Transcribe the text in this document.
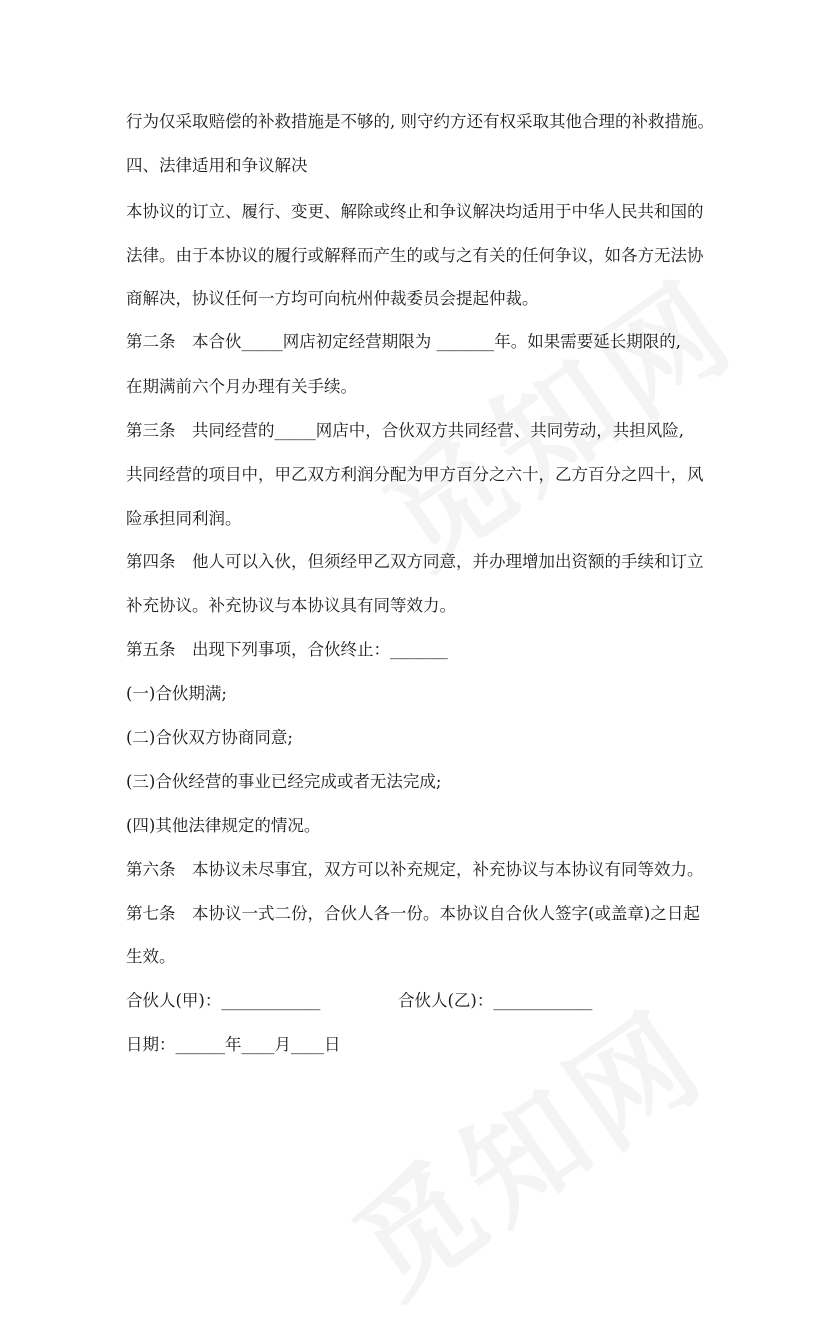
行为仅采取赔偿的补救措施是不够的, 则守约方还有权采取其他合理的补救措施。
四、法律适用和争议解决
本协议的订立、履行、变更、解除或终止和争议解决均适用于中华人民共和国的
法律。由于本协议的履行或解释而产生的或与之有关的任何争议，如各方无法协
商解决，协议任何一方均可向杭州仲裁委员会提起仲裁。
第二条　本合伙_____网店初定经营期限为 _______年。如果需要延长期限的,
在期满前六个月办理有关手续。
第三条　共同经营的_____网店中，合伙双方共同经营、共同劳动，共担风险,
共同经营的项目中，甲乙双方利润分配为甲方百分之六十，乙方百分之四十，风
险承担同利润。
第四条　他人可以入伙，但须经甲乙双方同意，并办理增加出资额的手续和订立
补充协议。补充协议与本协议具有同等效力。
第五条　出现下列事项，合伙终止：_______
(一)合伙期满;
(二)合伙双方协商同意;
(三)合伙经营的事业已经完成或者无法完成;
(四)其他法律规定的情况。
第六条　本协议未尽事宜，双方可以补充规定，补充协议与本协议有同等效力。
第七条　本协议一式二份，合伙人各一份。本协议自合伙人签字(或盖章)之日起
生效。
合伙人(甲)：____________	合伙人(乙)：____________
日期：______年____月____日
